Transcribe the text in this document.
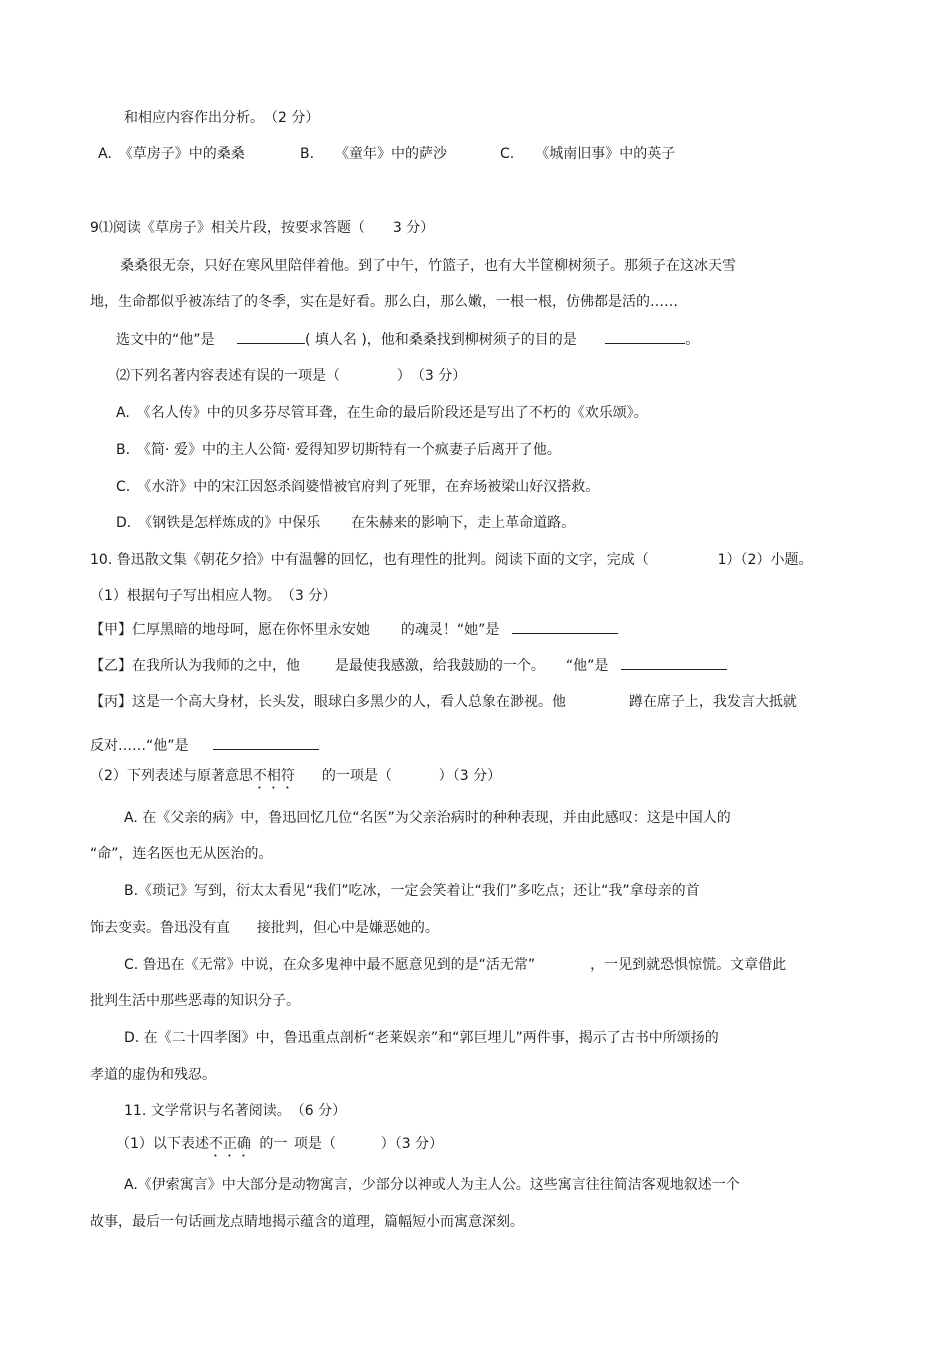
和相应内容作出分析。　（2 分）
A.　《草房子》中的桑桑	B.　　《童年》中的萨沙	C.　　《城南旧事》中的英子
9⑴阅读《草房子》相关片段，按要求答题（　　3 分）
桑桑很无奈，只好在寒风里陪伴着他。到了中午，竹篮子，也有大半筐柳树须子。那须子在这冰天雪
地，生命都似乎被冻结了的冬季，实在是好看。那么白，那么嫩，一根一根，仿佛都是活的……
选文中的“他”是	( 填人名 )，他和桑桑找到柳树须子的目的是	。
⑵下列名著内容表述有误的一项是（	）　（3 分）
A.　《名人传》中的贝多芬尽管耳聋，在生命的最后阶段还是写出了不朽的《欢乐颂》。
B.　《简· 爱》中的主人公简· 爱得知罗切斯特有一个疯妻子后离开了他。
C.　《水浒》中的宋江因怒杀阎婆惜被官府判了死罪，在弃场被梁山好汉搭救。
D.　《钢铁是怎样炼成的》中保乐 在朱赫来的影响下，走上革命道路。
10. 鲁迅散文集《朝花夕拾》中有温馨的回忆，也有理性的批判。阅读下面的文字，完成（	1）（2）小题。
（1）根据句子写出相应人物。　（3 分）
【甲】仁厚黑暗的地母呵，愿在你怀里永安她 的魂灵！“她”是
【乙】在我所认为我师的之中，他 是最使我感激，给我鼓励的一个。　　“他”是
【丙】这是一个高大身材，长头发，眼球白多黑少的人，看人总象在渺视。他	蹲在席子上，我发言大抵就
反对……“他”是
（2）下列表述与原著意思不相符 的一项是（	）（3 分）
A. 在《父亲的病》中，鲁迅回忆几位“名医”为父亲治病时的种种表现，并由此感叹：这是中国人的
“命”，连名医也无从医治的。
B.《琐记》写到，衍太太看见“我们”吃冰，一定会笑着让“我们”多吃点；还让“我”拿母亲的首
饰去变卖。鲁迅没有直 接批判，但心中是嫌恶她的。
C. 鲁迅在《无常》中说，在众多鬼神中最不愿意见到的是“活无常”	，一见到就恐惧惊慌。文章借此
批判生活中那些恶毒的知识分子。
D. 在《二十四孝图》中，鲁迅重点剖析“老莱娱亲”和“郭巨埋儿”两件事，揭示了古书中所颂扬的
孝道的虚伪和残忍。
11. 文学常识与名著阅读。　（6 分）
（1）以下表述不正确 的一 项是（	）（3 分）
A.《伊索寓言》中大部分是动物寓言，少部分以神或人为主人公。这些寓言往往简洁客观地叙述一个
故事，最后一句话画龙点睛地揭示蕴含的道理，篇幅短小而寓意深刻。
